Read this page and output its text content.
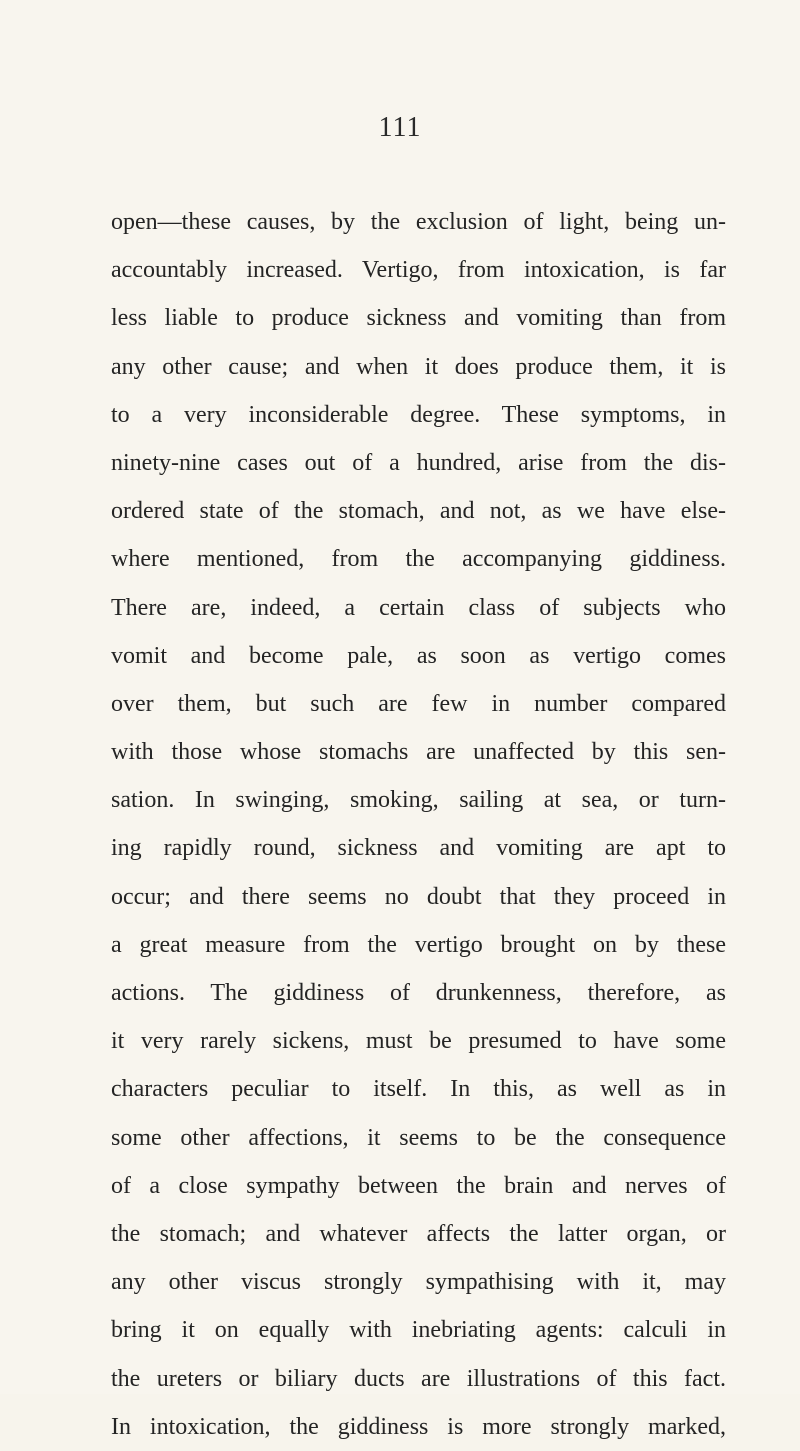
111
open—these causes, by the exclusion of light, being un-
accountably increased. Vertigo, from intoxication, is far
less liable to produce sickness and vomiting than from
any other cause; and when it does produce them, it is
to a very inconsiderable degree. These symptoms, in
ninety-nine cases out of a hundred, arise from the dis-
ordered state of the stomach, and not, as we have else-
where mentioned, from the accompanying giddiness.
There are, indeed, a certain class of subjects who
vomit and become pale, as soon as vertigo comes
over them, but such are few in number compared
with those whose stomachs are unaffected by this sen-
sation. In swinging, smoking, sailing at sea, or turn-
ing rapidly round, sickness and vomiting are apt to
occur; and there seems no doubt that they proceed in
a great measure from the vertigo brought on by these
actions. The giddiness of drunkenness, therefore, as
it very rarely sickens, must be presumed to have some
characters peculiar to itself. In this, as well as in
some other affections, it seems to be the consequence
of a close sympathy between the brain and nerves of
the stomach; and whatever affects the latter organ, or
any other viscus strongly sympathising with it, may
bring it on equally with inebriating agents: calculi in
the ureters or biliary ducts are illustrations of this fact.
In intoxication, the giddiness is more strongly marked,
